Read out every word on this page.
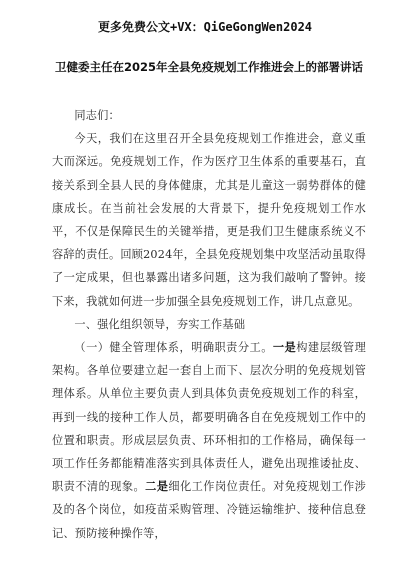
更多免费公文+VX：QiGeGongWen2024
卫健委主任在2025年全县免疫规划工作推进会上的部署讲话

同志们：

今天，我们在这里召开全县免疫规划工作推进会，意义重大而深远。免疫规划工作，作为医疗卫生体系的重要基石，直接关系到全县人民的身体健康，尤其是儿童这一弱势群体的健康成长。在当前社会发展的大背景下，提升免疫规划工作水平，不仅是保障民生的关键举措，更是我们卫生健康系统义不容辞的责任。回顾2024年，全县免疫规划集中攻坚活动虽取得了一定成果，但也暴露出诸多问题，这为我们敲响了警钟。接下来，我就如何进一步加强全县免疫规划工作，讲几点意见。

一、强化组织领导，夯实工作基础

（一）健全管理体系，明确职责分工。一是构建层级管理架构。各单位要建立起一套自上而下、层次分明的免疫规划管理体系。从单位主要负责人到具体负责免疫规划工作的科室，再到一线的接种工作人员，都要明确各自在免疫规划工作中的位置和职责。形成层层负责、环环相扣的工作格局，确保每一项工作任务都能精准落实到具体责任人，避免出现推诿扯皮、职责不清的现象。二是细化工作岗位责任。对免疫规划工作涉及的各个岗位，如疫苗采购管理、冷链运输维护、接种信息登记、预防接种操作等，
